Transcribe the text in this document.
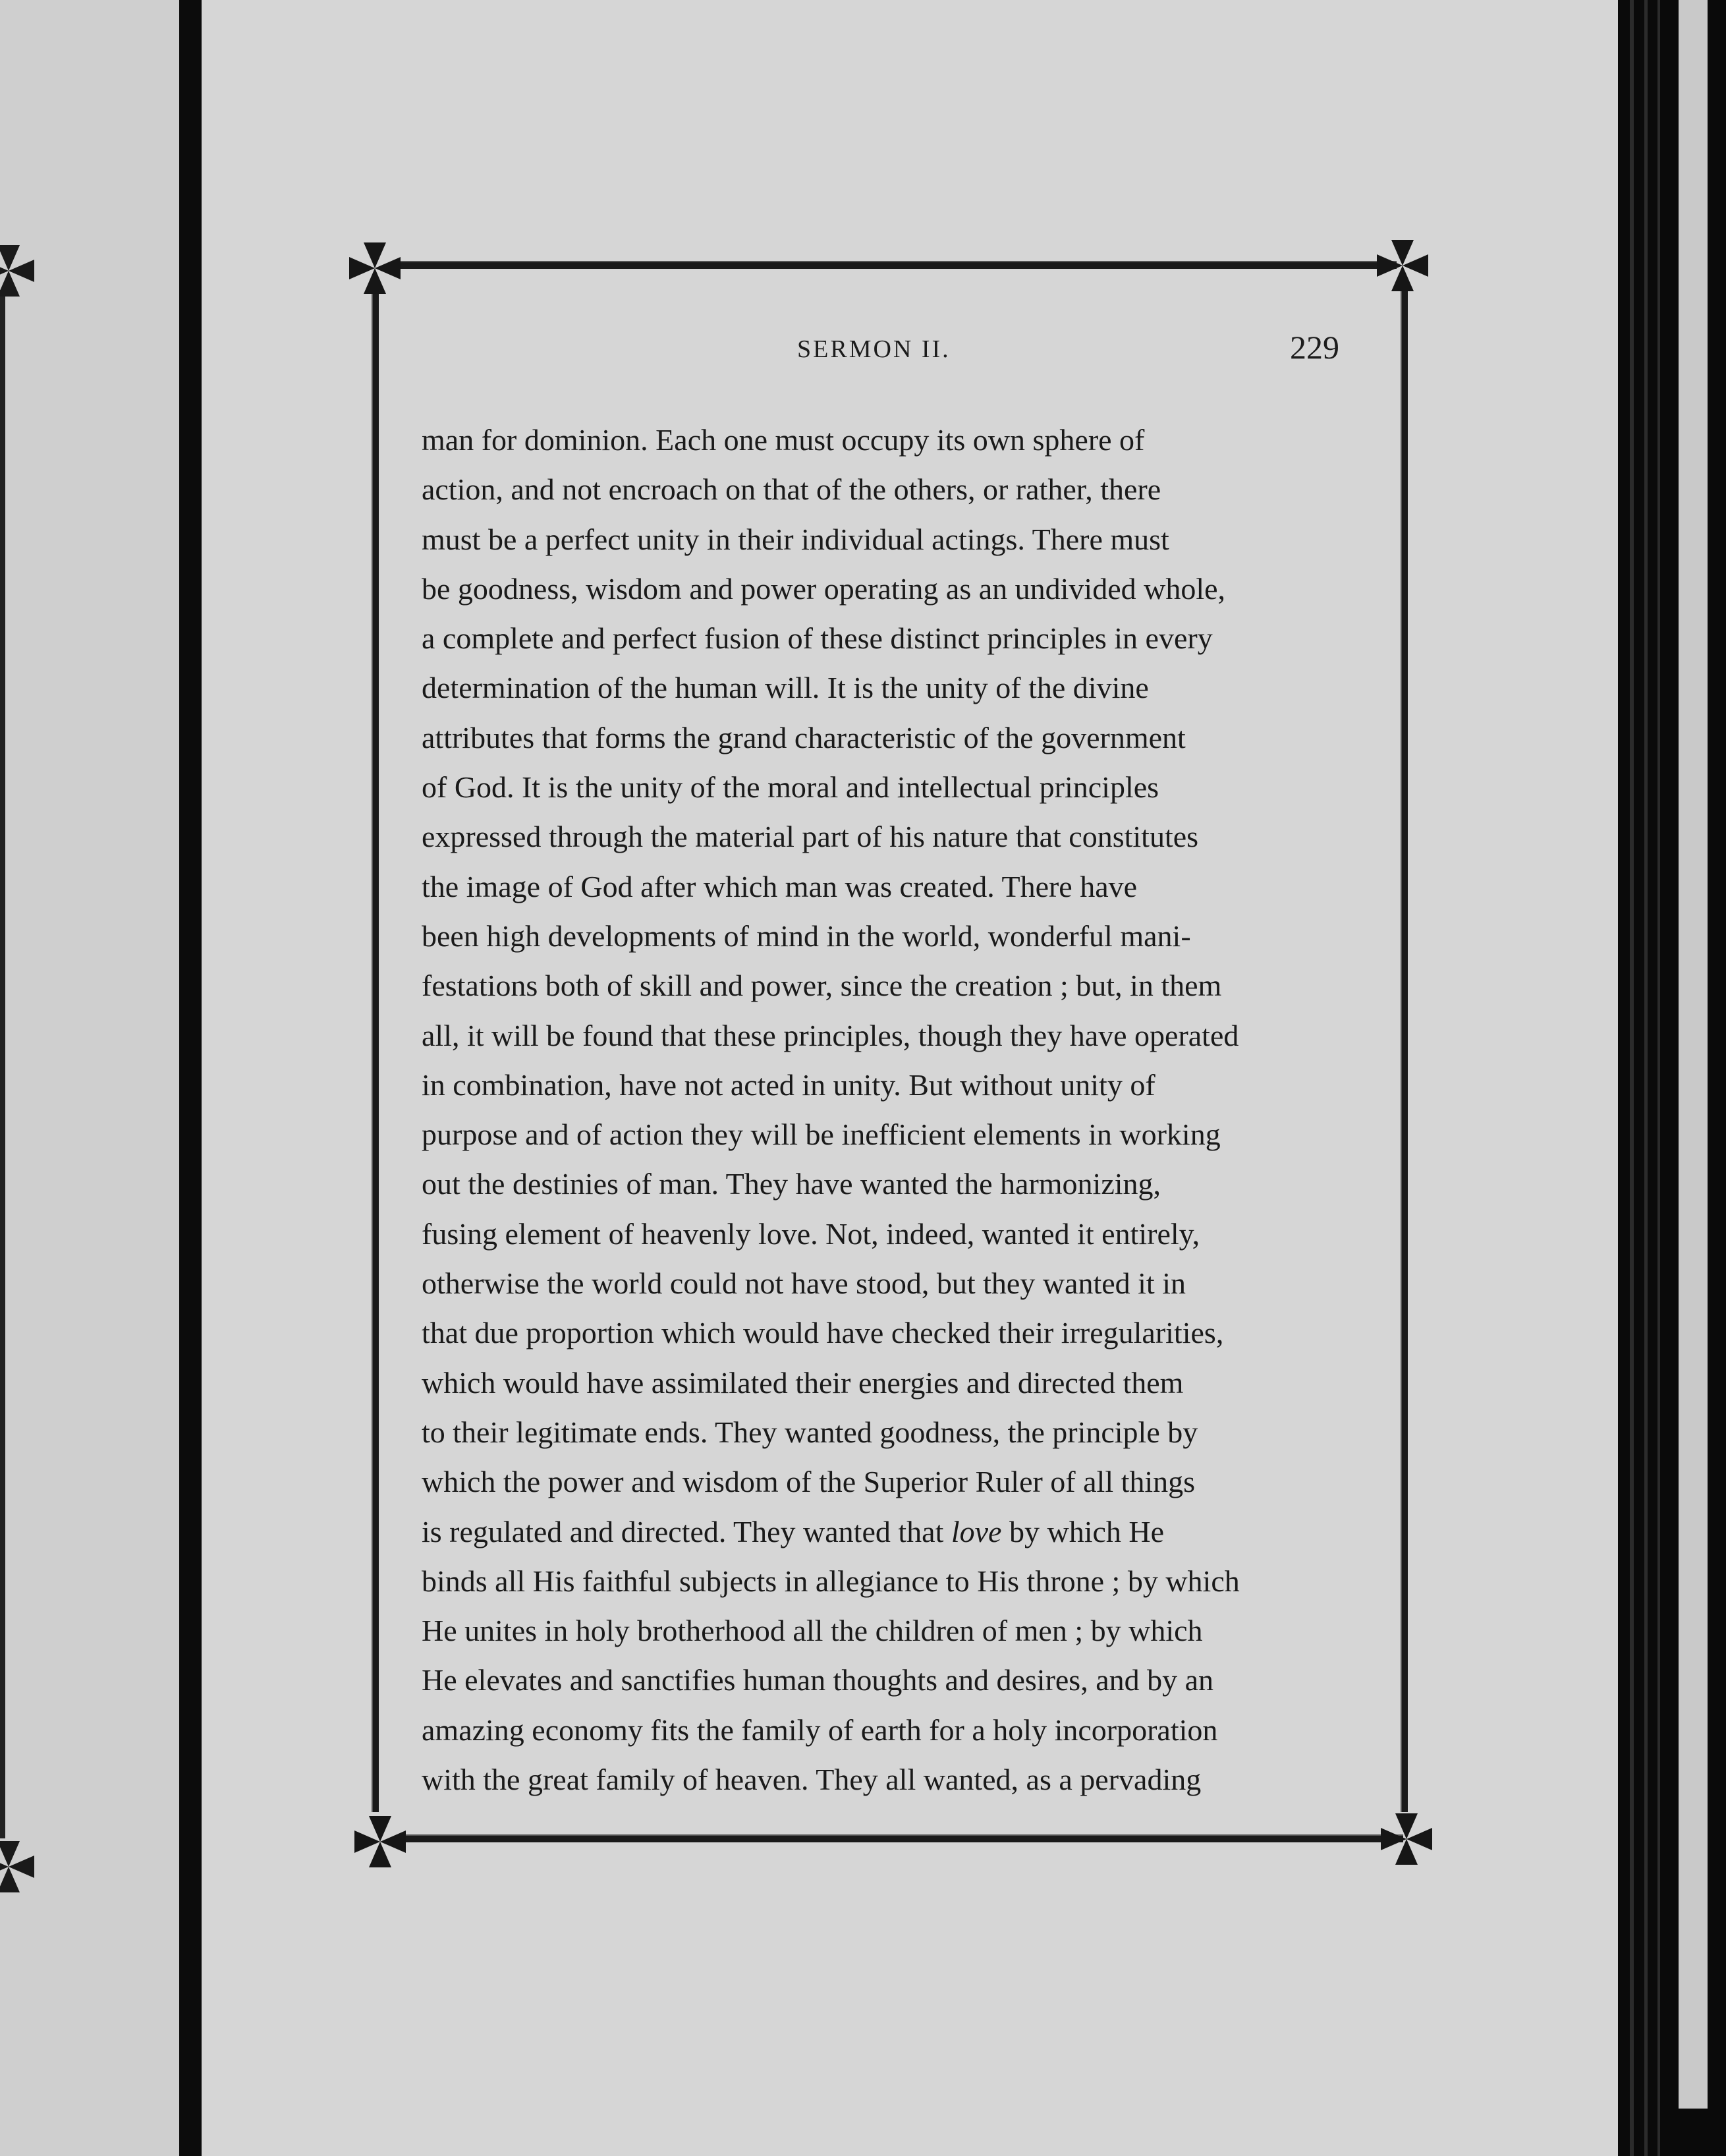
SERMON II.	229
man for dominion. Each one must occupy its own sphere of
action, and not encroach on that of the others, or rather, there
must be a perfect unity in their individual actings. There must
be goodness, wisdom and power operating as an undivided whole,
a complete and perfect fusion of these distinct principles in every
determination of the human will. It is the unity of the divine
attributes that forms the grand characteristic of the government
of God. It is the unity of the moral and intellectual principles
expressed through the material part of his nature that constitutes
the image of God after which man was created. There have
been high developments of mind in the world, wonderful mani-
festations both of skill and power, since the creation ; but, in them
all, it will be found that these principles, though they have operated
in combination, have not acted in unity. But without unity of
purpose and of action they will be inefficient elements in working
out the destinies of man. They have wanted the harmonizing,
fusing element of heavenly love. Not, indeed, wanted it entirely,
otherwise the world could not have stood, but they wanted it in
that due proportion which would have checked their irregularities,
which would have assimilated their energies and directed them
to their legitimate ends. They wanted goodness, the principle by
which the power and wisdom of the Superior Ruler of all things
is regulated and directed. They wanted that love by which He
binds all His faithful subjects in allegiance to His throne ; by which
He unites in holy brotherhood all the children of men ; by which
He elevates and sanctifies human thoughts and desires, and by an
amazing economy fits the family of earth for a holy incorporation
with the great family of heaven. They all wanted, as a pervading
